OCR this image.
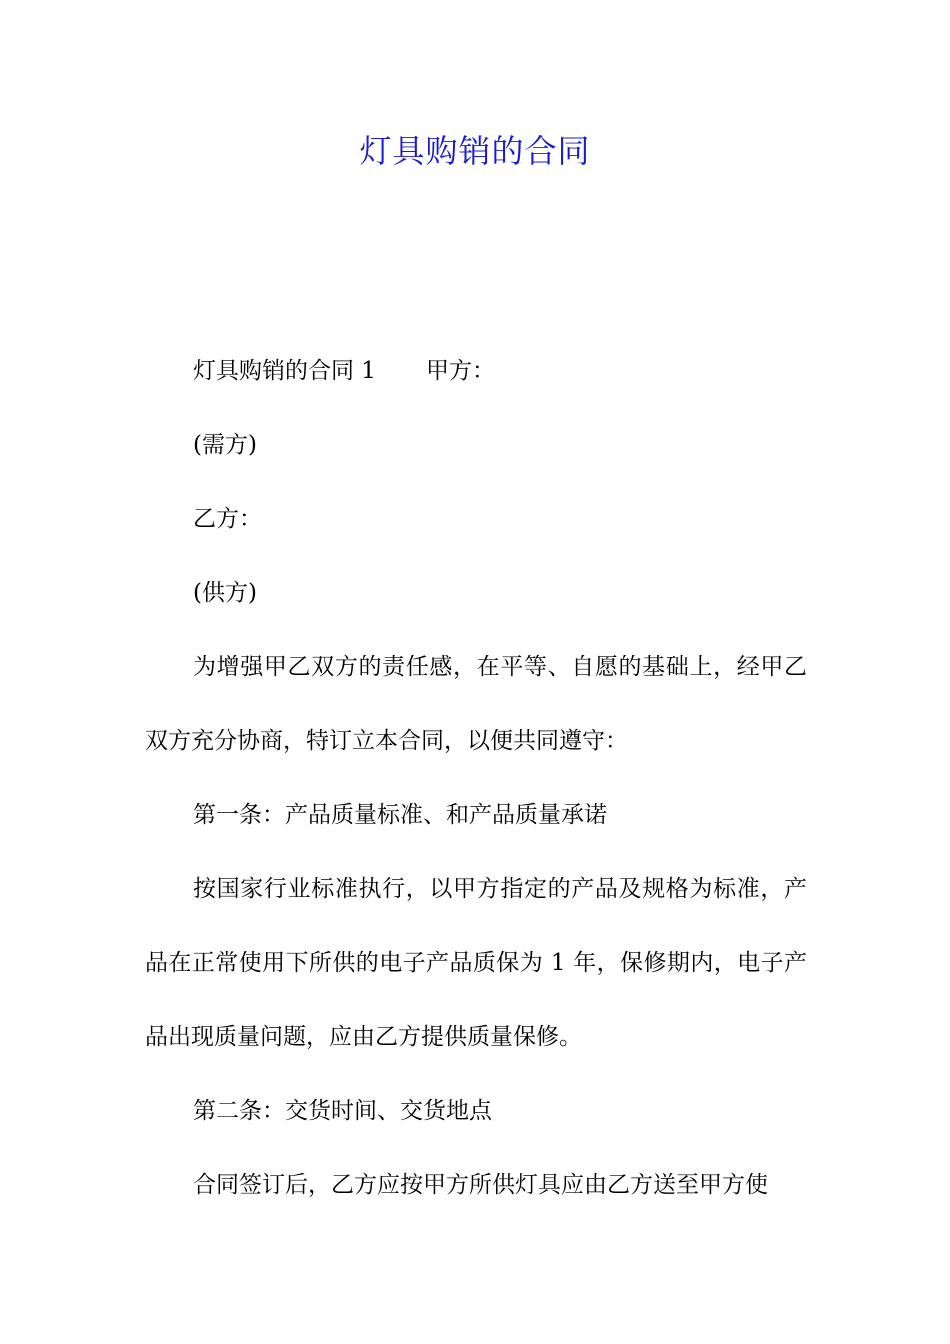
灯具购销的合同

灯具购销的合同 1 甲方：

(需方)

乙方：

(供方)

为增强甲乙双方的责任感，在平等、自愿的基础上，经甲乙双方充分协商，特订立本合同，以便共同遵守：

第一条：产品质量标准、和产品质量承诺

按国家行业标准执行，以甲方指定的产品及规格为标准，产品在正常使用下所供的电子产品质保为 1 年，保修期内，电子产品出现质量问题，应由乙方提供质量保修。

第二条：交货时间、交货地点

合同签订后，乙方应按甲方所供灯具应由乙方送至甲方使
